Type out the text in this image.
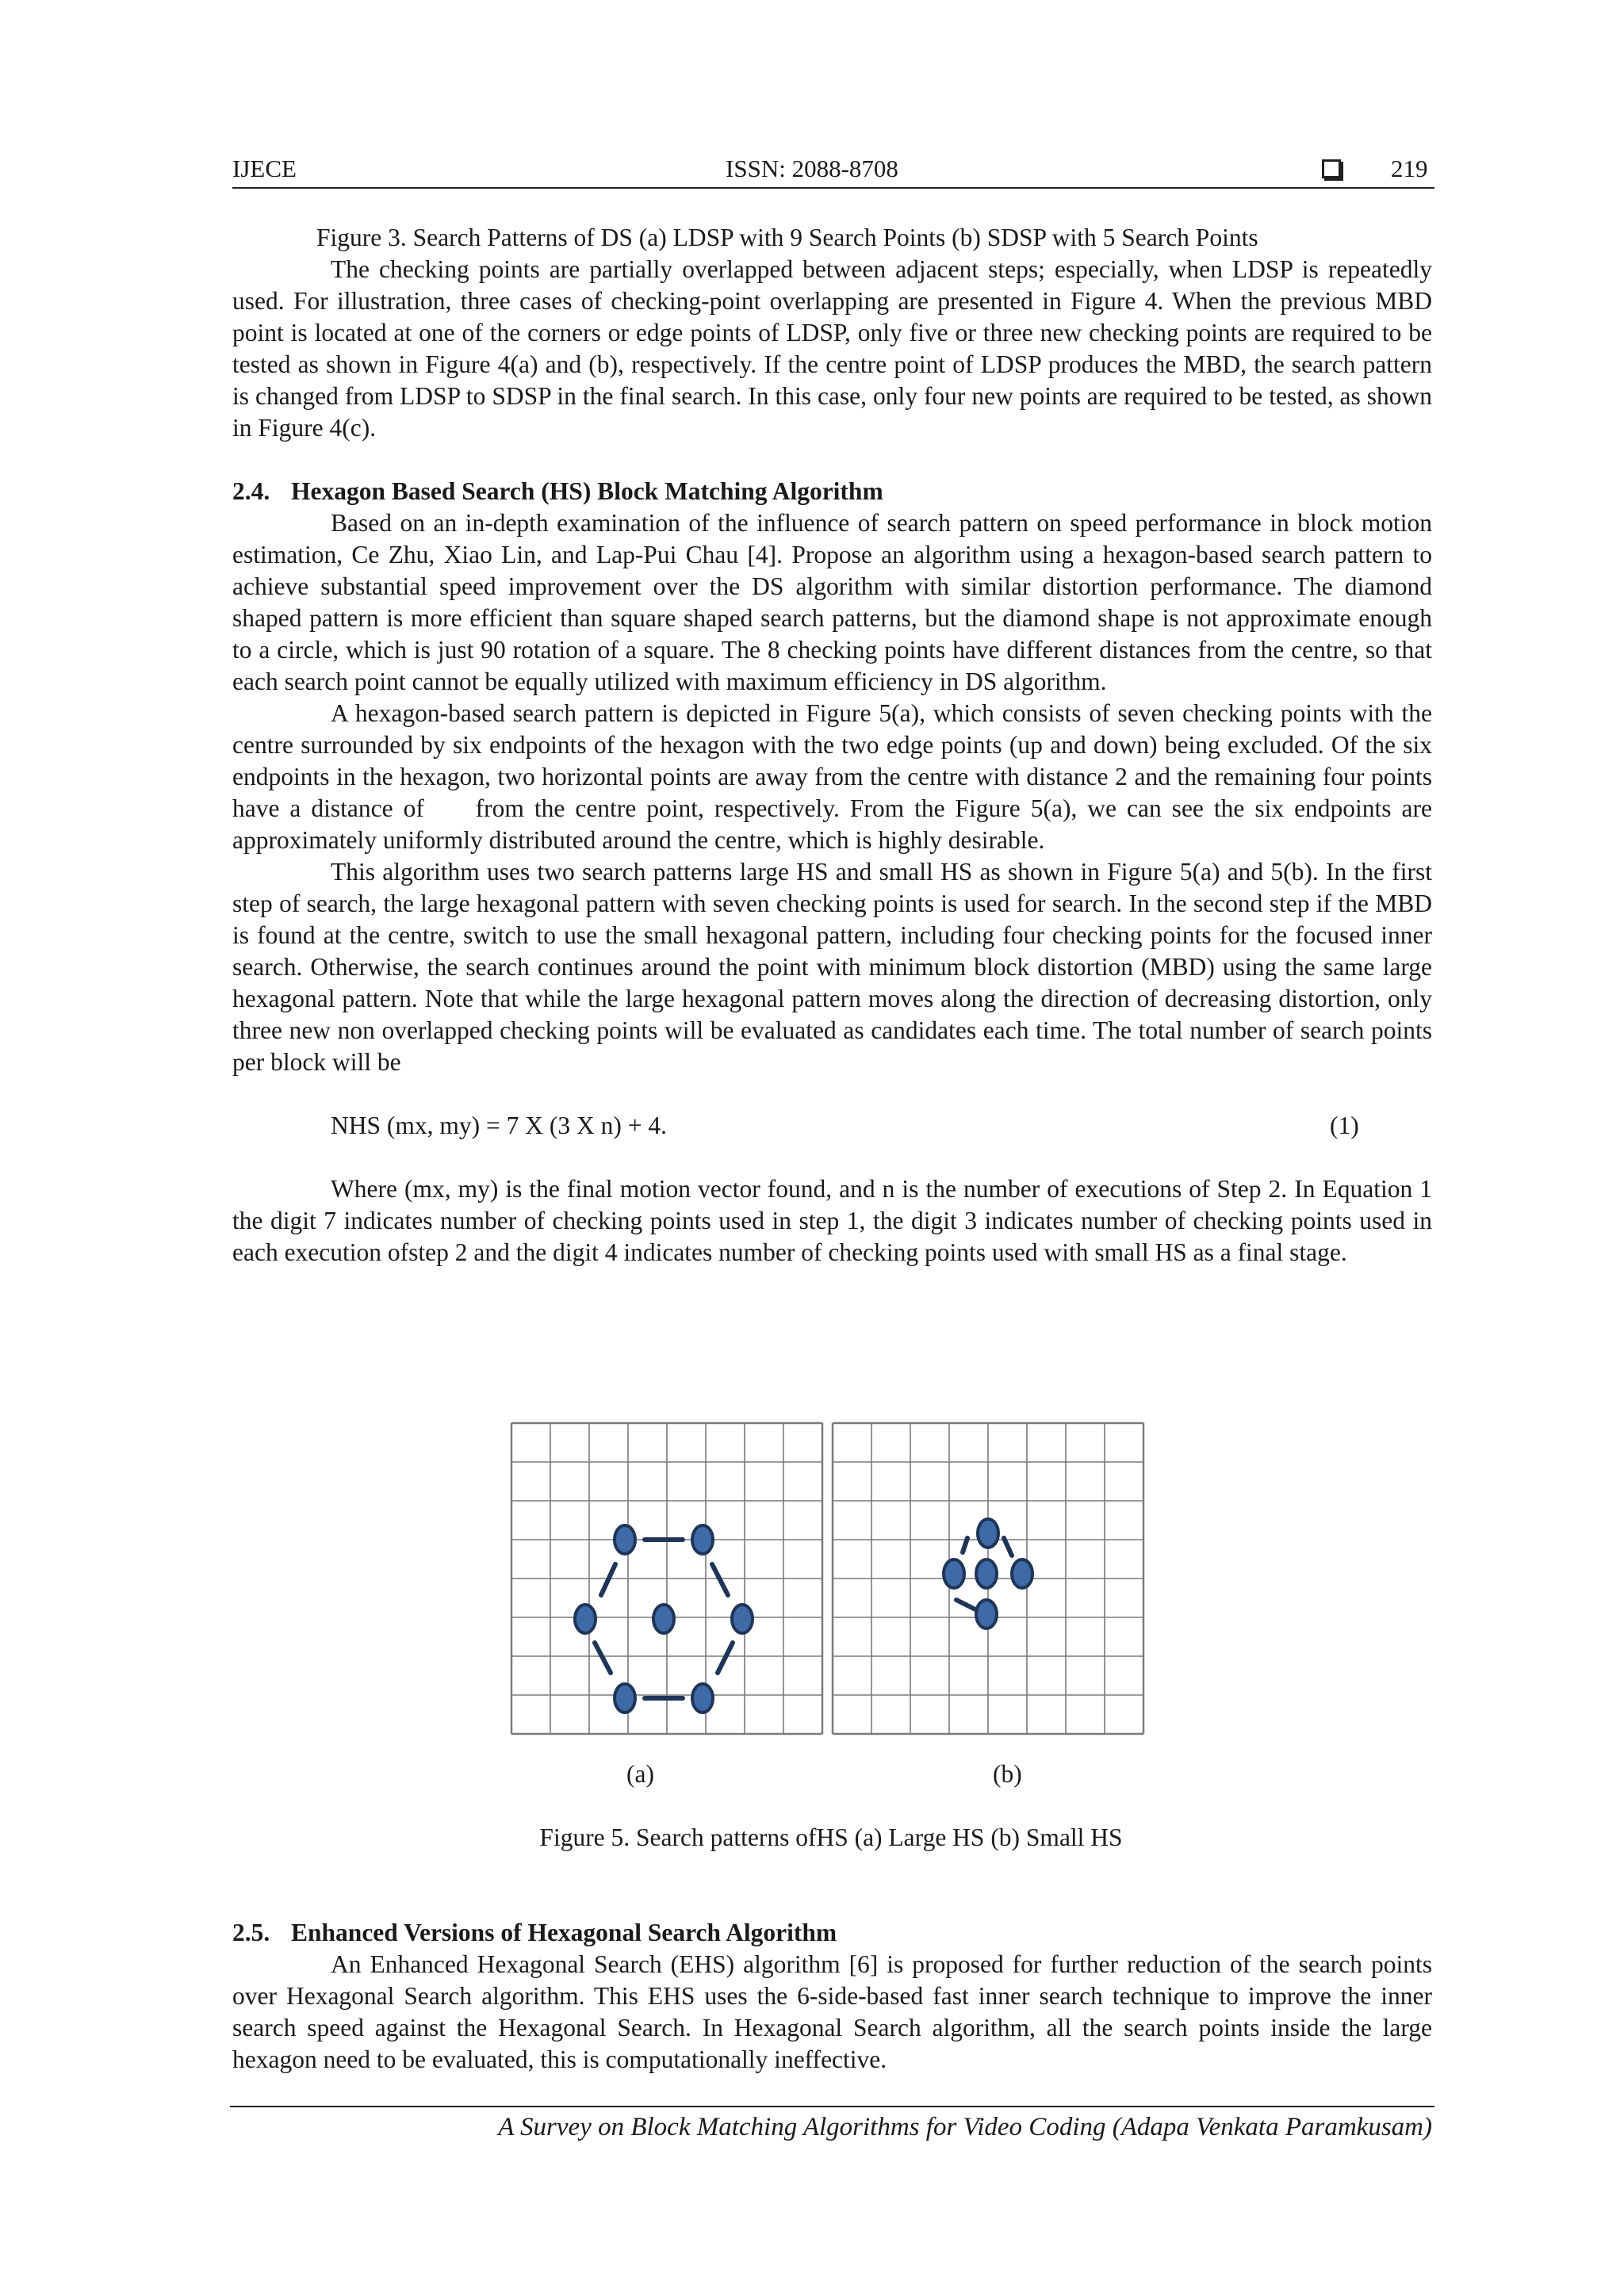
IJECE	ISSN: 2088-8708	219

Figure 3. Search Patterns of DS (a) LDSP with 9 Search Points (b) SDSP with 5 Search Points

The checking points are partially overlapped between adjacent steps; especially, when LDSP is repeatedly used. For illustration, three cases of checking-point overlapping are presented in Figure 4. When the previous MBD point is located at one of the corners or edge points of LDSP, only five or three new checking points are required to be tested as shown in Figure 4(a) and (b), respectively. If the centre point of LDSP produces the MBD, the search pattern is changed from LDSP to SDSP in the final search. In this case, only four new points are required to be tested, as shown in Figure 4(c).

2.4. Hexagon Based Search (HS) Block Matching Algorithm

Based on an in-depth examination of the influence of search pattern on speed performance in block motion estimation, Ce Zhu, Xiao Lin, and Lap-Pui Chau [4]. Propose an algorithm using a hexagon-based search pattern to achieve substantial speed improvement over the DS algorithm with similar distortion performance. The diamond shaped pattern is more efficient than square shaped search patterns, but the diamond shape is not approximate enough to a circle, which is just 90 rotation of a square. The 8 checking points have different distances from the centre, so that each search point cannot be equally utilized with maximum efficiency in DS algorithm.

A hexagon-based search pattern is depicted in Figure 5(a), which consists of seven checking points with the centre surrounded by six endpoints of the hexagon with the two edge points (up and down) being excluded. Of the six endpoints in the hexagon, two horizontal points are away from the centre with distance 2 and the remaining four points have a distance of     from the centre point, respectively. From the Figure 5(a), we can see the six endpoints are approximately uniformly distributed around the centre, which is highly desirable.

This algorithm uses two search patterns large HS and small HS as shown in Figure 5(a) and 5(b). In the first step of search, the large hexagonal pattern with seven checking points is used for search. In the second step if the MBD is found at the centre, switch to use the small hexagonal pattern, including four checking points for the focused inner search. Otherwise, the search continues around the point with minimum block distortion (MBD) using the same large hexagonal pattern. Note that while the large hexagonal pattern moves along the direction of decreasing distortion, only three new non overlapped checking points will be evaluated as candidates each time. The total number of search points per block will be

NHS (mx, my) = 7 X (3 X n) + 4.	(1)

Where (mx, my) is the final motion vector found, and n is the number of executions of Step 2. In Equation 1 the digit 7 indicates number of checking points used in step 1, the digit 3 indicates number of checking points used in each execution ofstep 2 and the digit 4 indicates number of checking points used with small HS as a final stage.

(a)	(b)
Figure 5. Search patterns ofHS (a) Large HS (b) Small HS

2.5. Enhanced Versions of Hexagonal Search Algorithm

An Enhanced Hexagonal Search (EHS) algorithm [6] is proposed for further reduction of the search points over Hexagonal Search algorithm. This EHS uses the 6-side-based fast inner search technique to improve the inner search speed against the Hexagonal Search. In Hexagonal Search algorithm, all the search points inside the large hexagon need to be evaluated, this is computationally ineffective.

A Survey on Block Matching Algorithms for Video Coding (Adapa Venkata Paramkusam)
